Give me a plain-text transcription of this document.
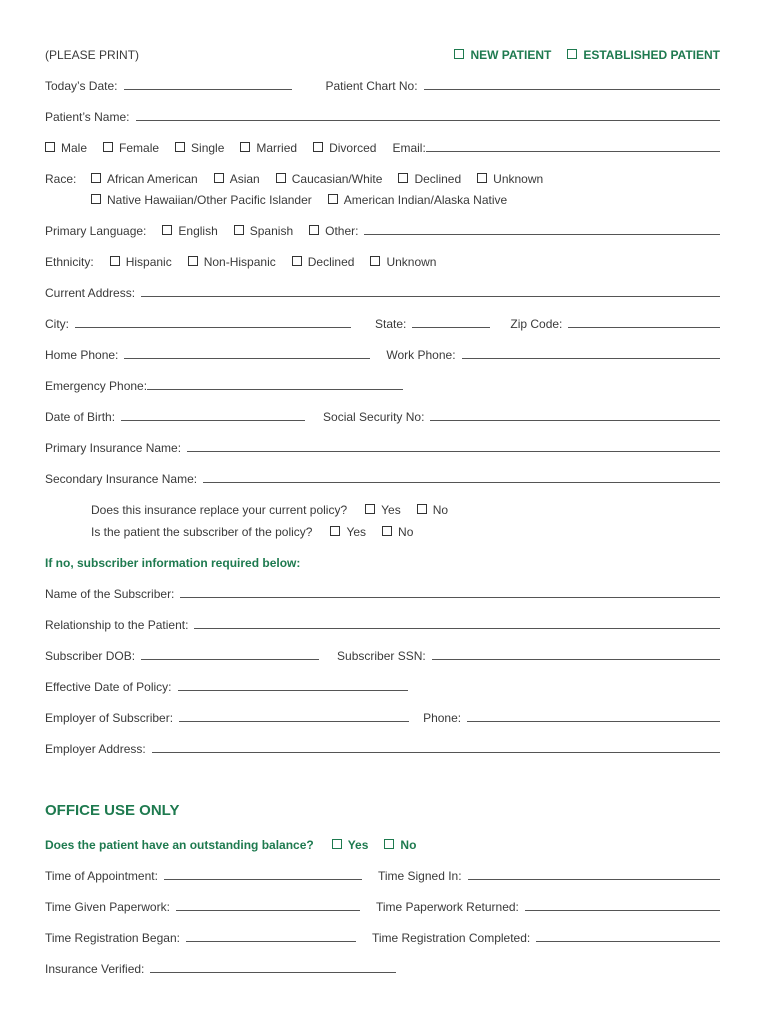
(PLEASE PRINT)	NEW PATIENT	ESTABLISHED PATIENT
Today’s Date:	Patient Chart No:
Patient’s Name:
Male	Female	Single	Married	Divorced Email:
Race:	African American	Asian	Caucasian/White	Declined	Unknown
Native Hawaiian/Other Pacific Islander	American Indian/Alaska Native
Primary Language:	English	Spanish	Other:
Ethnicity:	Hispanic	Non-Hispanic	Declined	Unknown
Current Address:
City:	State:	Zip Code:
Home Phone:	Work Phone:
Emergency Phone:
Date of Birth:	Social Security No:
Primary Insurance Name:
Secondary Insurance Name:
Does this insurance replace your current policy?	Yes	No
Is the patient the subscriber of the policy?	Yes	No
If no, subscriber information required below:
Name of the Subscriber:
Relationship to the Patient:
Subscriber DOB:	Subscriber SSN:
Effective Date of Policy:
Employer of Subscriber:	Phone:
Employer Address:
OFFICE USE ONLY
Does the patient have an outstanding balance?	Yes	No
Time of Appointment:	Time Signed In:
Time Given Paperwork:	Time Paperwork Returned:
Time Registration Began:	Time Registration Completed:
Insurance Verified:
